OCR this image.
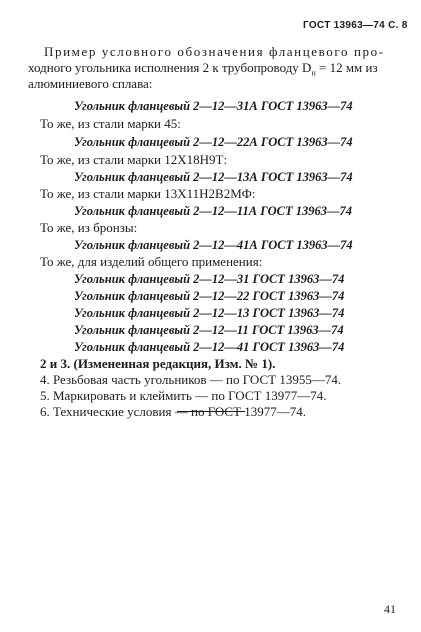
ГОСТ 13963—74 С. 8
Пример условного обозначения фланцевого про-
ходного угольника исполнения 2 к трубопроводу $D_н = 12$ мм из
алюминиевого сплава:
Угольник фланцевый 2—12—31А ГОСТ 13963—74
То же, из стали марки 45:
Угольник фланцевый 2—12—22А ГОСТ 13963—74
То же, из стали марки 12Х18Н9Т:
Угольник фланцевый 2—12—13А ГОСТ 13963—74
То же, из стали марки 13Х11Н2В2МФ:
Угольник фланцевый 2—12—11А ГОСТ 13963—74
То же, из бронзы:
Угольник фланцевый 2—12—41А ГОСТ 13963—74
То же, для изделий общего применения:
Угольник фланцевый 2—12—31 ГОСТ 13963—74
Угольник фланцевый 2—12—22 ГОСТ 13963—74
Угольник фланцевый 2—12—13 ГОСТ 13963—74
Угольник фланцевый 2—12—11 ГОСТ 13963—74
Угольник фланцевый 2—12—41 ГОСТ 13963—74
2 и 3. (Измененная редакция, Изм. № 1).
4. Резьбовая часть угольников — по ГОСТ 13955—74.
5. Маркировать и клеймить — по ГОСТ 13977—74.
6. Технические условия — по ГОСТ 13977—74.
41
